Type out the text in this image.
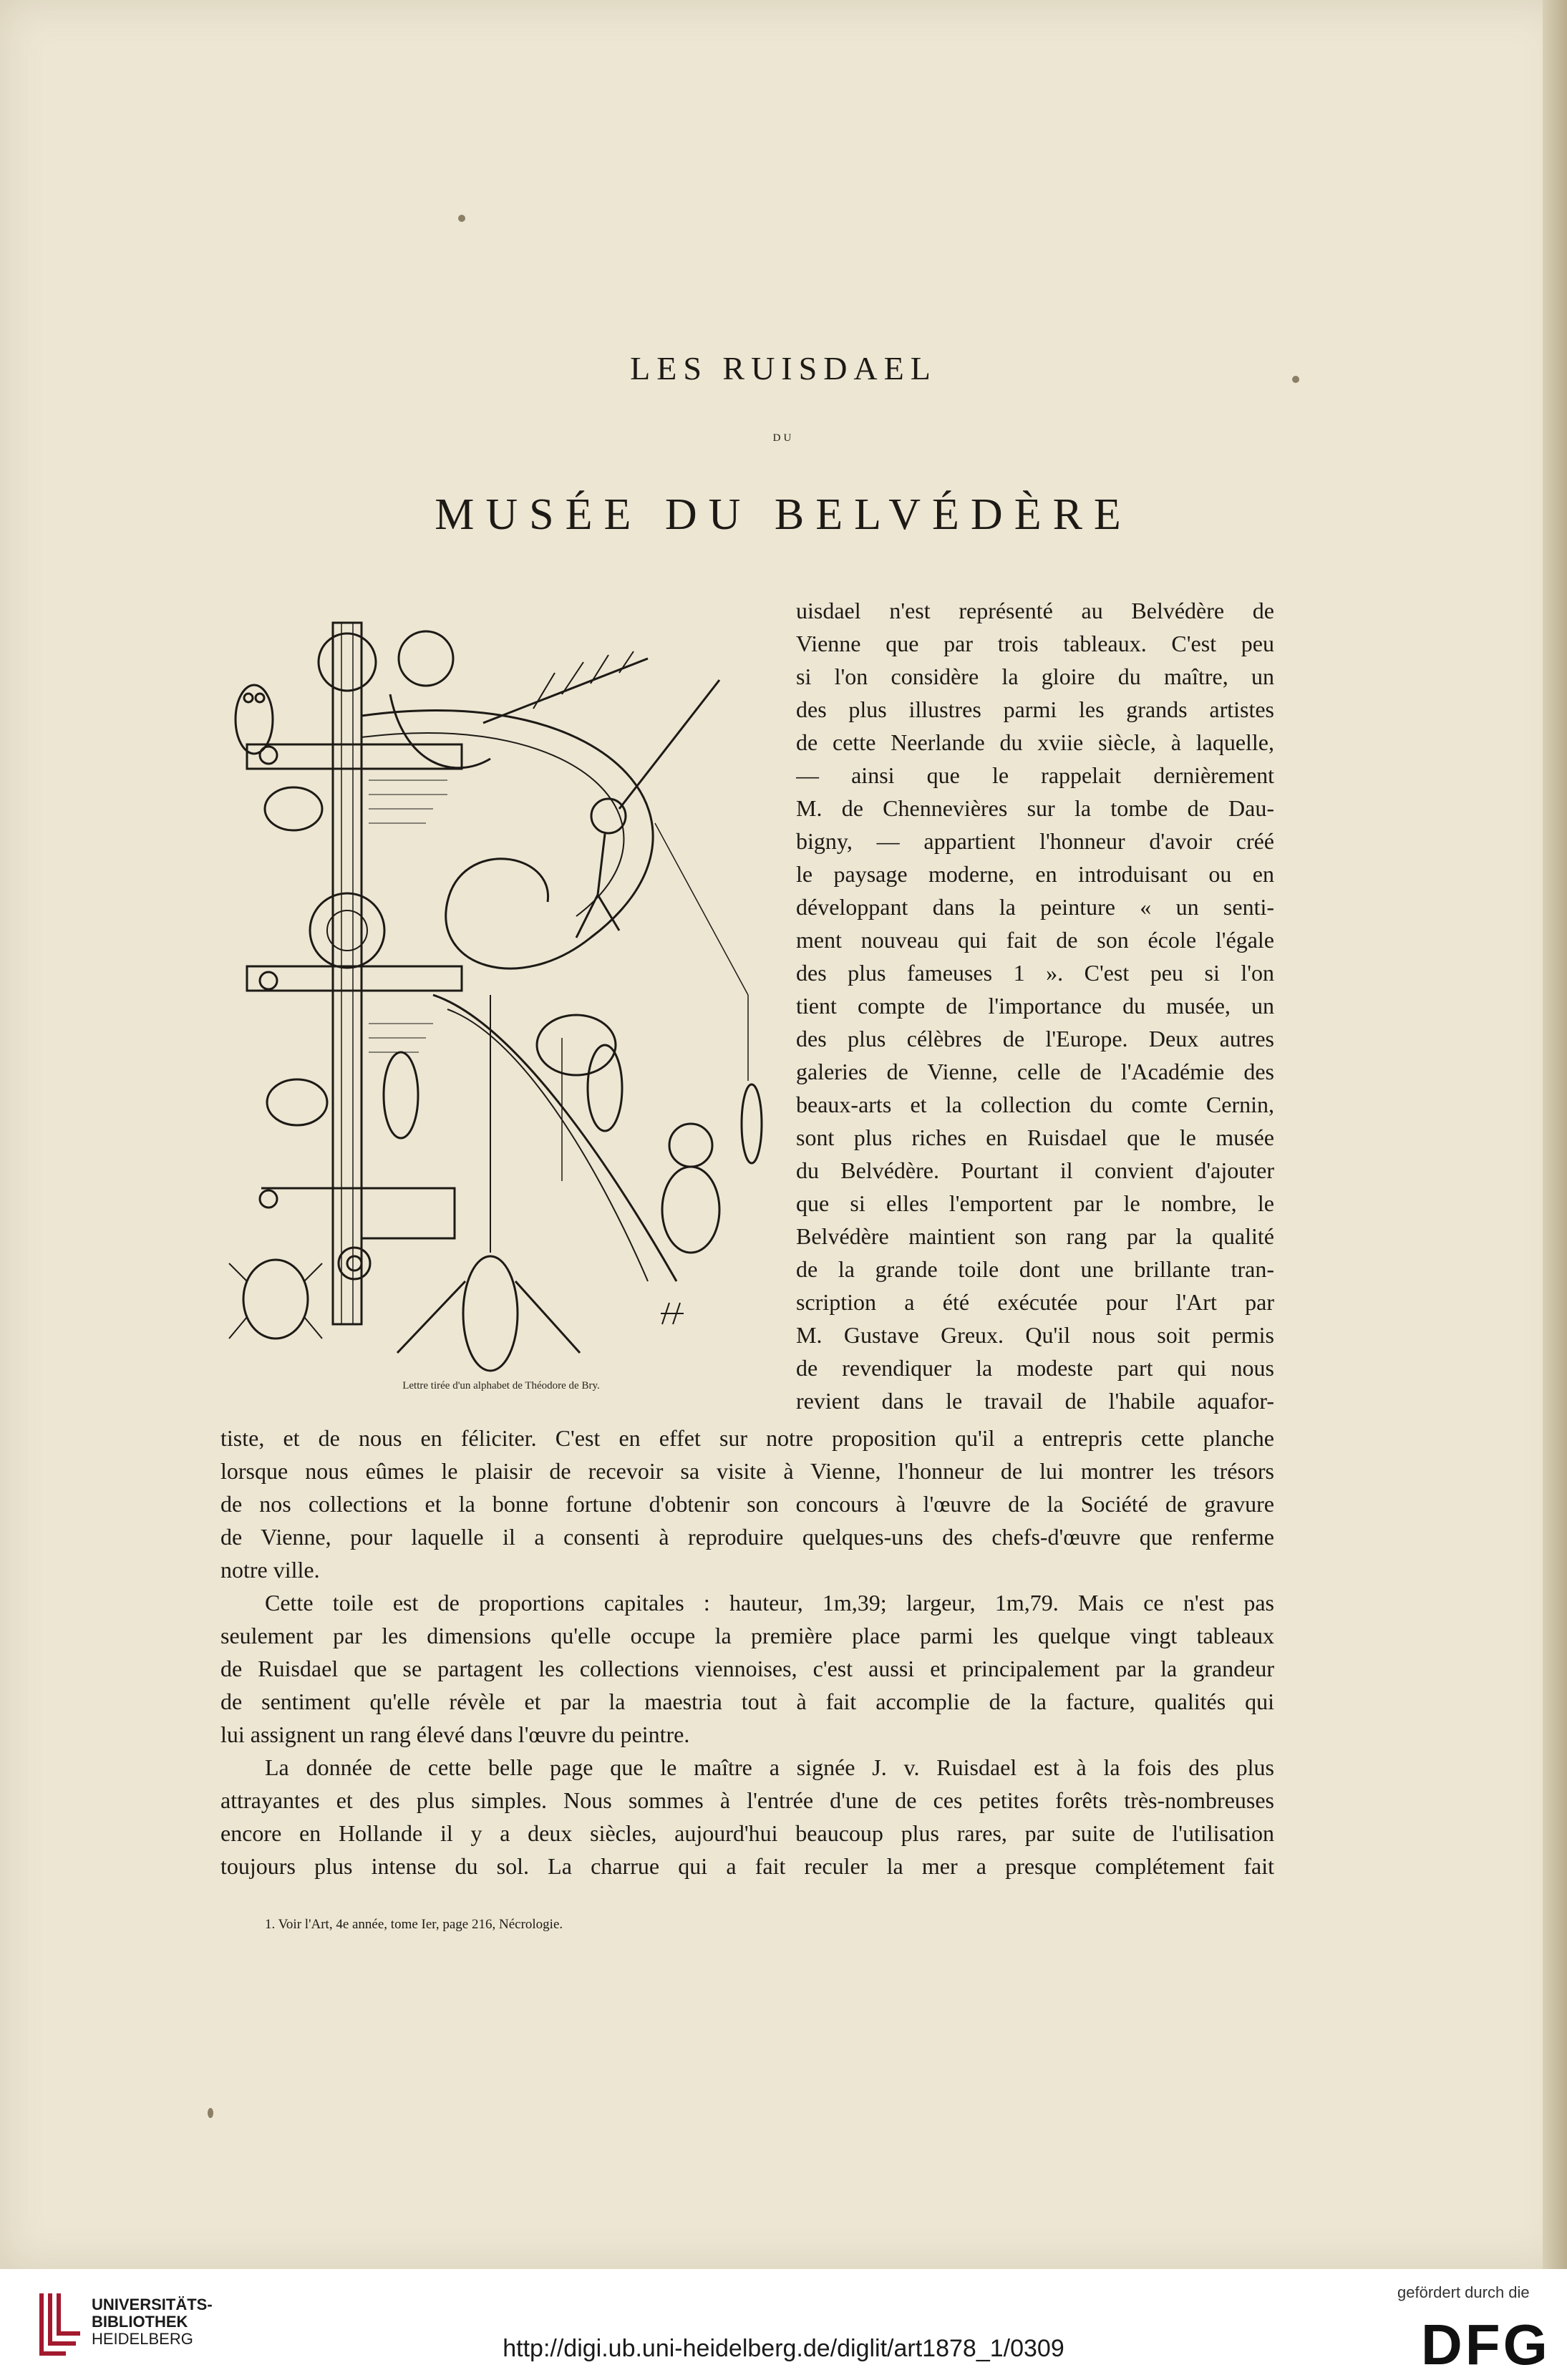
LES RUISDAEL
DU
MUSÉE DU BELVÉDÈRE
Lettre tirée d'un alphabet de Théodore de Bry.
uisdael n'est représenté au Belvédère de
Vienne que par trois tableaux. C'est peu
si l'on considère la gloire du maître, un
des plus illustres parmi les grands artistes
de cette Neerlande du xviie siècle, à laquelle,
— ainsi que le rappelait dernièrement
M. de Chennevières sur la tombe de Dau-
bigny, — appartient l'honneur d'avoir créé
le paysage moderne, en introduisant ou en
développant dans la peinture « un senti-
ment nouveau qui fait de son école l'égale
des plus fameuses 1 ». C'est peu si l'on
tient compte de l'importance du musée, un
des plus célèbres de l'Europe. Deux autres
galeries de Vienne, celle de l'Académie des
beaux-arts et la collection du comte Cernin,
sont plus riches en Ruisdael que le musée
du Belvédère. Pourtant il convient d'ajouter
que si elles l'emportent par le nombre, le
Belvédère maintient son rang par la qualité
de la grande toile dont une brillante tran-
scription a été exécutée pour l'Art par
M. Gustave Greux. Qu'il nous soit permis
de revendiquer la modeste part qui nous
revient dans le travail de l'habile aquafor-
tiste, et de nous en féliciter. C'est en effet sur notre proposition qu'il a entrepris cette planche
lorsque nous eûmes le plaisir de recevoir sa visite à Vienne, l'honneur de lui montrer les trésors
de nos collections et la bonne fortune d'obtenir son concours à l'œuvre de la Société de gravure
de Vienne, pour laquelle il a consenti à reproduire quelques-uns des chefs-d'œuvre que renferme
notre ville.
Cette toile est de proportions capitales : hauteur, 1m,39; largeur, 1m,79. Mais ce n'est pas
seulement par les dimensions qu'elle occupe la première place parmi les quelque vingt tableaux
de Ruisdael que se partagent les collections viennoises, c'est aussi et principalement par la grandeur
de sentiment qu'elle révèle et par la maestria tout à fait accomplie de la facture, qualités qui
lui assignent un rang élevé dans l'œuvre du peintre.
La donnée de cette belle page que le maître a signée J. v. Ruisdael est à la fois des plus
attrayantes et des plus simples. Nous sommes à l'entrée d'une de ces petites forêts très-nombreuses
encore en Hollande il y a deux siècles, aujourd'hui beaucoup plus rares, par suite de l'utilisation
toujours plus intense du sol. La charrue qui a fait reculer la mer a presque complétement fait
1. Voir l'Art, 4e année, tome Ier, page 216, Nécrologie.
UNIVERSITÄTS-
BIBLIOTHEK
HEIDELBERG	http://digi.ub.uni-heidelberg.de/diglit/art1878_1/0309
gefördert durch die
DFG
